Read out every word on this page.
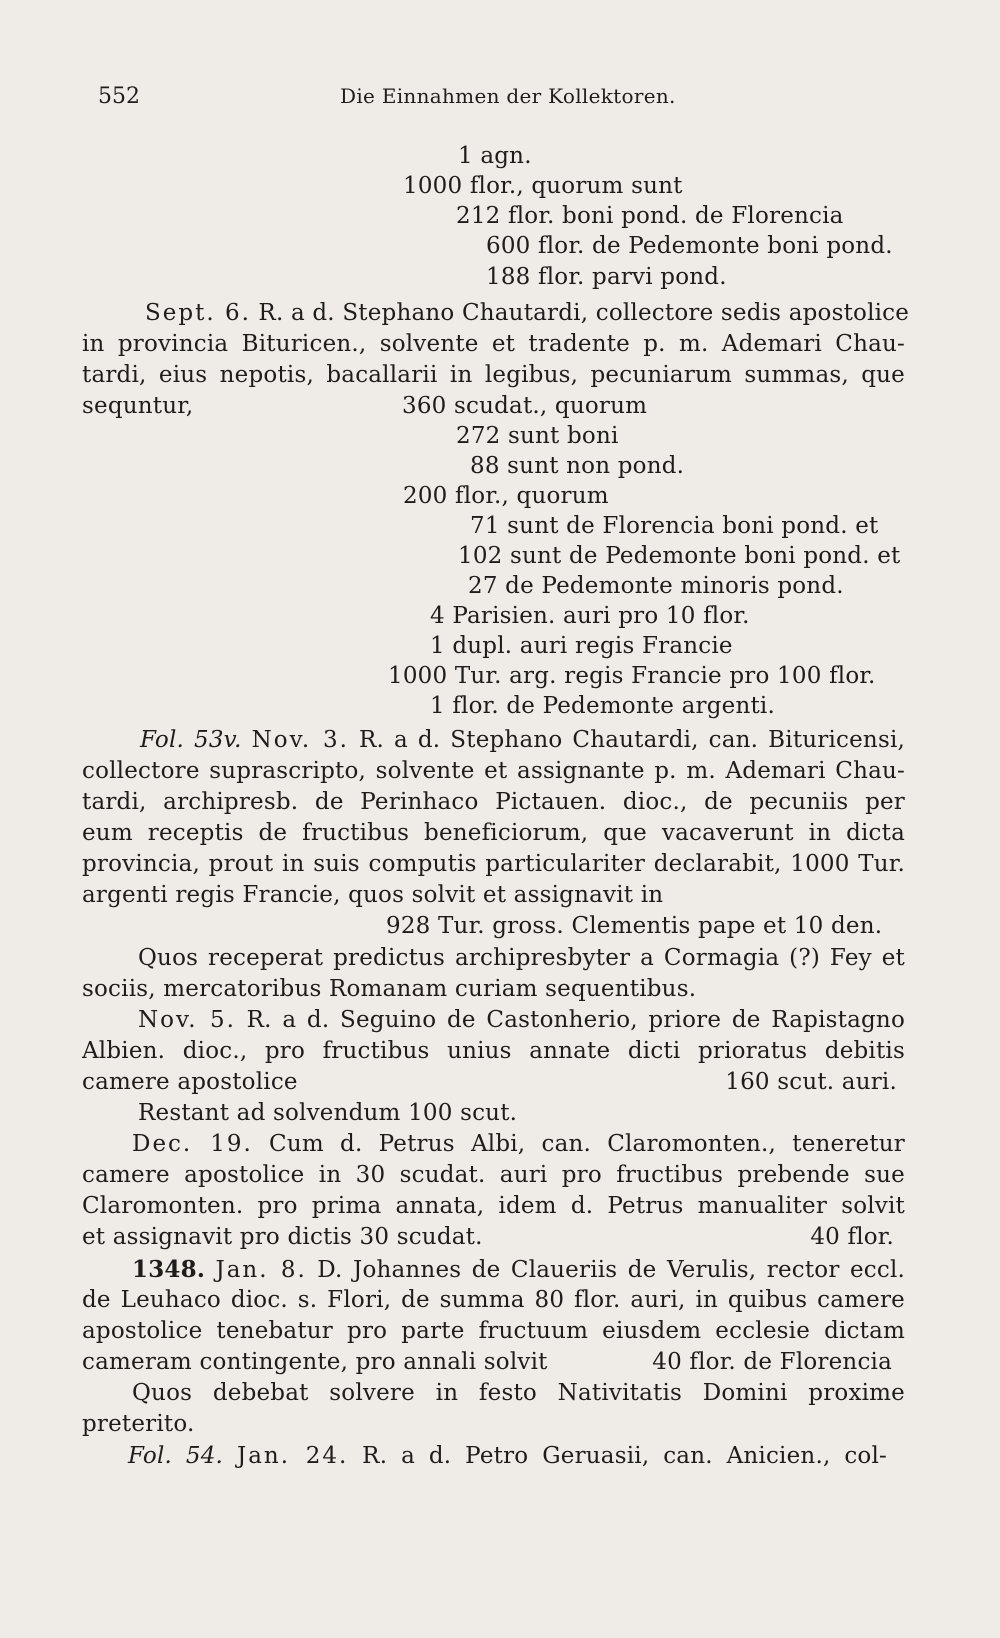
552	Die Einnahmen der Kollektoren.
1 agn.
1000 flor., quorum sunt
212 flor. boni pond. de Florencia
600 flor. de Pedemonte boni pond.
188 flor. parvi pond.
Sept. 6. R. a d. Stephano Chautardi, collectore sedis apostolice
in provincia Bituricen., solvente et tradente p. m. Ademari Chau-
tardi, eius nepotis, bacallarii in legibus, pecuniarum summas, que
sequntur,	360 scudat., quorum
272 sunt boni
88 sunt non pond.
200 flor., quorum
71 sunt de Florencia boni pond. et
102 sunt de Pedemonte boni pond. et
27 de Pedemonte minoris pond.
4 Parisien. auri pro 10 flor.
1 dupl. auri regis Francie
1000 Tur. arg. regis Francie pro 100 flor.
1 flor. de Pedemonte argenti.
Fol. 53v. Nov. 3. R. a d. Stephano Chautardi, can. Bituricensi,
collectore suprascripto, solvente et assignante p. m. Ademari Chau-
tardi, archipresb. de Perinhaco Pictauen. dioc., de pecuniis per
eum receptis de fructibus beneficiorum, que vacaverunt in dicta
provincia, prout in suis computis particulariter declarabit, 1000 Tur.
argenti regis Francie, quos solvit et assignavit in
928 Tur. gross. Clementis pape et 10 den.
Quos receperat predictus archipresbyter a Cormagia (?) Fey et
sociis, mercatoribus Romanam curiam sequentibus.
Nov. 5. R. a d. Seguino de Castonherio, priore de Rapistagno
Albien. dioc., pro fructibus unius annate dicti prioratus debitis
camere apostolice	160 scut. auri.
Restant ad solvendum 100 scut.
Dec. 19. Cum d. Petrus Albi, can. Claromonten., teneretur
camere apostolice in 30 scudat. auri pro fructibus prebende sue
Claromonten. pro prima annata, idem d. Petrus manualiter solvit
et assignavit pro dictis 30 scudat.	40 flor.
1348. Jan. 8. D. Johannes de Claueriis de Verulis, rector eccl.
de Leuhaco dioc. s. Flori, de summa 80 flor. auri, in quibus camere
apostolice tenebatur pro parte fructuum eiusdem ecclesie dictam
cameram contingente, pro annali solvit	40 flor. de Florencia
Quos debebat solvere in festo Nativitatis Domini proxime
preterito.
Fol. 54. Jan. 24. R. a d. Petro Geruasii, can. Anicien., col-
